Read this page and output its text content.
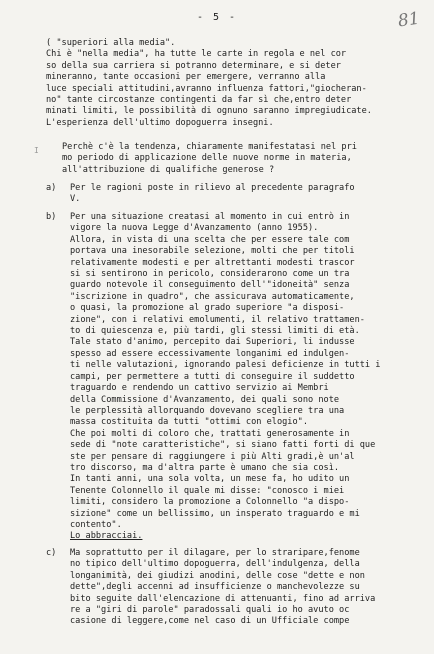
- 5 -	81
I
( "superiori alla media".
Chi è "nella media", ha tutte le carte in regola e nel cor
so della sua carriera si potranno determinare, e si deter
mineranno, tante occasioni per emergere, verranno alla
luce speciali attitudini,avranno influenza fattori,"giocheran-
no" tante circostanze contingenti da far sì che,entro deter
minati limiti, le possibilità di ognuno saranno impregiudicate.
L'esperienza dell'ultimo dopoguerra insegni.
Perchè c'è la tendenza, chiaramente manifestatasi nel pri
mo periodo di applicazione delle nuove norme in materia,
all'attribuzione di qualifiche generose ?
a) Per le ragioni poste in rilievo al precedente paragrafo
V.
b) Per una situazione creatasi al momento in cui entrò in
vigore la nuova Legge d'Avanzamento (anno 1955).
Allora, in vista di una scelta che per essere tale com
portava una inesorabile selezione, molti che per titoli
relativamente modesti e per altrettanti modesti trascor
si si sentirono in pericolo, considerarono come un tra
guardo notevole il conseguimento dell'"idoneità" senza
"iscrizione in quadro", che assicurava automaticamente,
o quasi, la promozione al grado superiore "a disposi-
zione", con i relativi emolumenti, il relativo trattamen-
to di quiescenza e, più tardi, gli stessi limiti di età.
Tale stato d'animo, percepito dai Superiori, li indusse
spesso ad essere eccessivamente longanimi ed indulgen-
ti nelle valutazioni, ignorando palesi deficienze in tutti i
campi, per permettere a tutti di conseguire il suddetto
traguardo e rendendo un cattivo servizio ai Membri
della Commissione d'Avanzamento, dei quali sono note
le perplessità allorquando dovevano scegliere tra una
massa costituita da tutti "ottimi con elogio".
Che poi molti di coloro che, trattati generosamente in
sede di "note caratteristiche", si siano fatti forti di que
ste per pensare di raggiungere i più Alti gradi,è un'al
tro discorso, ma d'altra parte è umano che sia così.
In tanti anni, una sola volta, un mese fa, ho udito un
Tenente Colonnello il quale mi disse: "conosco i miei
limiti, considero la promozione a Colonnello "a dispo-
sizione" come un bellissimo, un insperato traguardo e mi
contento".
Lo abbracciai.
c) Ma soprattutto per il dilagare, per lo straripare,fenome
no tipico dell'ultimo dopoguerra, dell'indulgenza, della
longanimità, dei giudizi anodini, delle cose "dette e non
dette",degli accenni ad insufficienze o manchevolezze su
bito seguite dall'elencazione di attenuanti, fino ad arriva
re a "giri di parole" paradossali quali io ho avuto oc
casione di leggere,come nel caso di un Ufficiale compe
